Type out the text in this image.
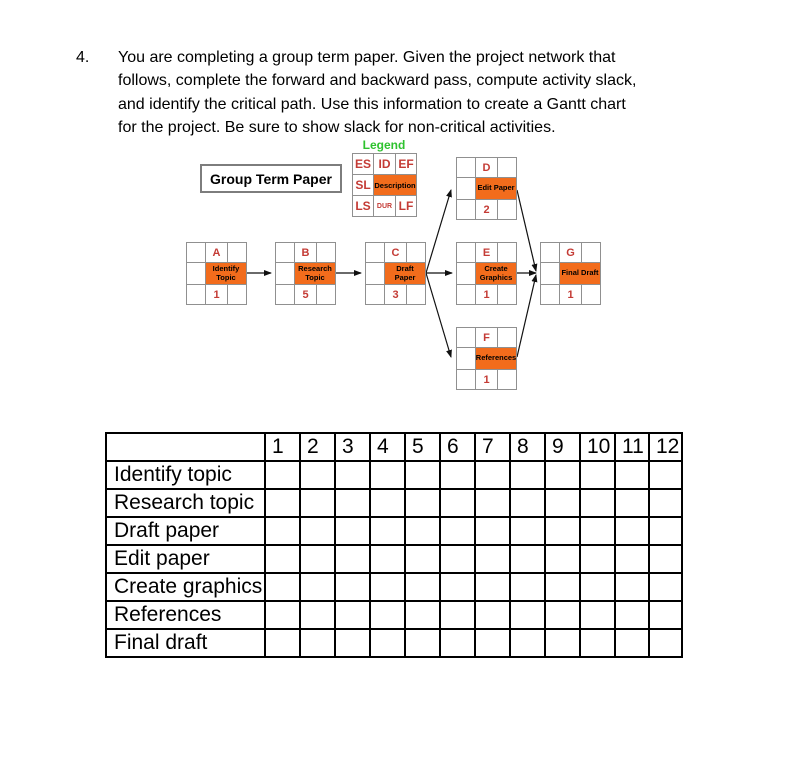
4. You are completing a group term paper. Given the project network that
follows, complete the forward and backward pass, compute activity slack,
and identify the critical path. Use this information to create a Gantt chart
for the project. Be sure to show slack for non-critical activities.
Legend
ES ID EF
SL Description
LS DUR LF
Group Term Paper
A
Identify Topic
1
B
Research Topic
5
C
Draft Paper
3
D
Edit Paper
2
E
Create Graphics
1
F
References
1
G
Final Draft
1
	1	2	3	4	5	6	7	8	9	10	11	12
Identify topic												
Research topic												
Draft paper												
Edit paper												
Create graphics												
References												
Final draft												
